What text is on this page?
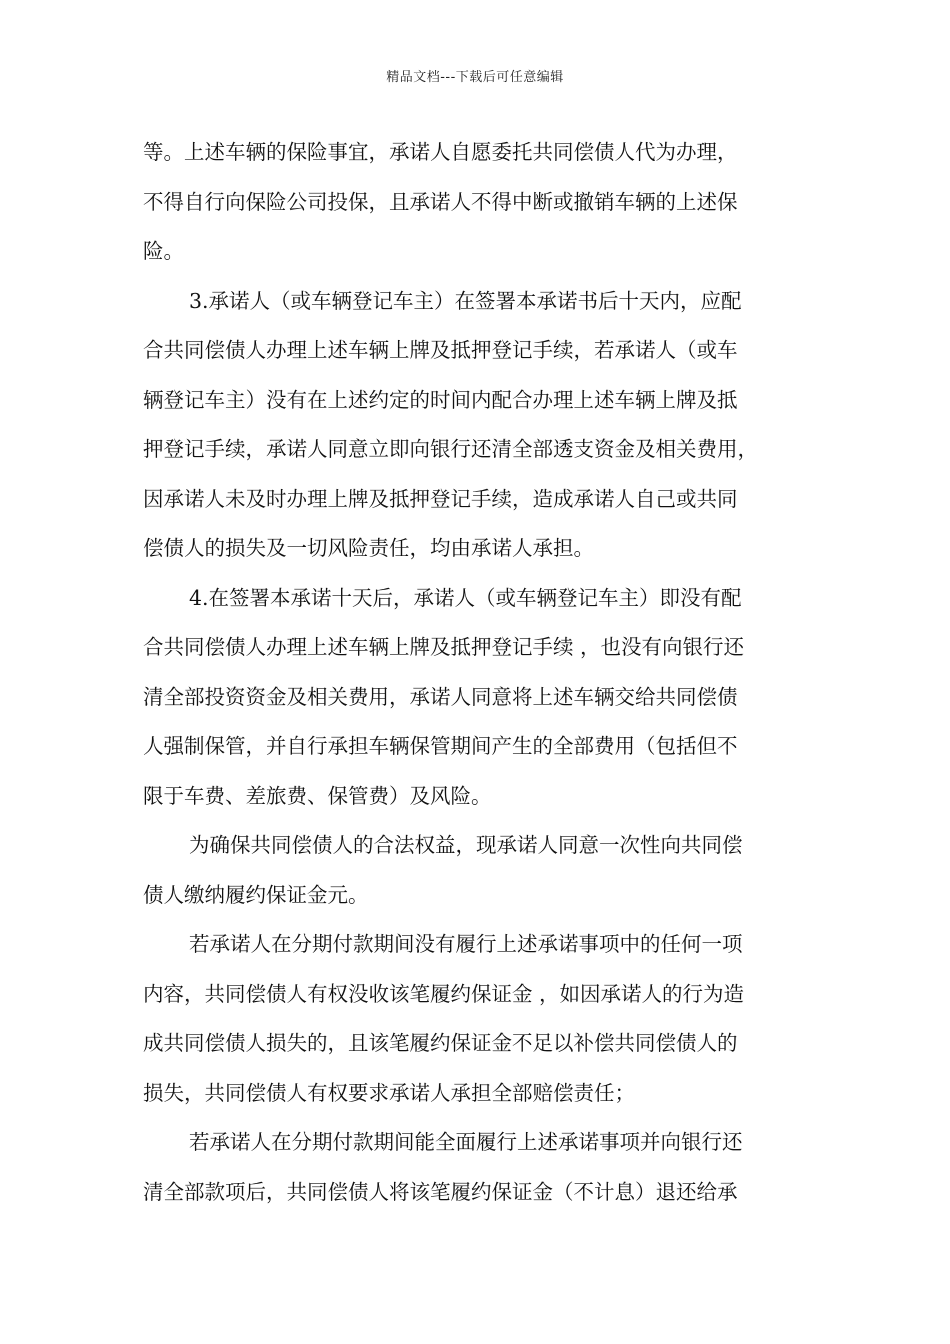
精品文档---下载后可任意编辑
等。上述车辆的保险事宜，承诺人自愿委托共同偿债人代为办理，
不得自行向保险公司投保，且承诺人不得中断或撤销车辆的上述保
险。
3.承诺人（或车辆登记车主）在签署本承诺书后十天内，应配
合共同偿债人办理上述车辆上牌及抵押登记手续，若承诺人（或车
辆登记车主）没有在上述约定的时间内配合办理上述车辆上牌及抵
押登记手续，承诺人同意立即向银行还清全部透支资金及相关费用，
因承诺人未及时办理上牌及抵押登记手续，造成承诺人自己或共同
偿债人的损失及一切风险责任，均由承诺人承担。
4.在签署本承诺十天后，承诺人（或车辆登记车主）即没有配
合共同偿债人办理上述车辆上牌及抵押登记手续 ，也没有向银行还
清全部投资资金及相关费用，承诺人同意将上述车辆交给共同偿债
人强制保管，并自行承担车辆保管期间产生的全部费用（包括但不
限于车费、差旅费、保管费）及风险。
为确保共同偿债人的合法权益，现承诺人同意一次性向共同偿
债人缴纳履约保证金元。
若承诺人在分期付款期间没有履行上述承诺事项中的任何一项
内容，共同偿债人有权没收该笔履约保证金 ，如因承诺人的行为造
成共同偿债人损失的，且该笔履约保证金不足以补偿共同偿债人的
损失，共同偿债人有权要求承诺人承担全部赔偿责任；
若承诺人在分期付款期间能全面履行上述承诺事项并向银行还
清全部款项后，共同偿债人将该笔履约保证金（不计息）退还给承
